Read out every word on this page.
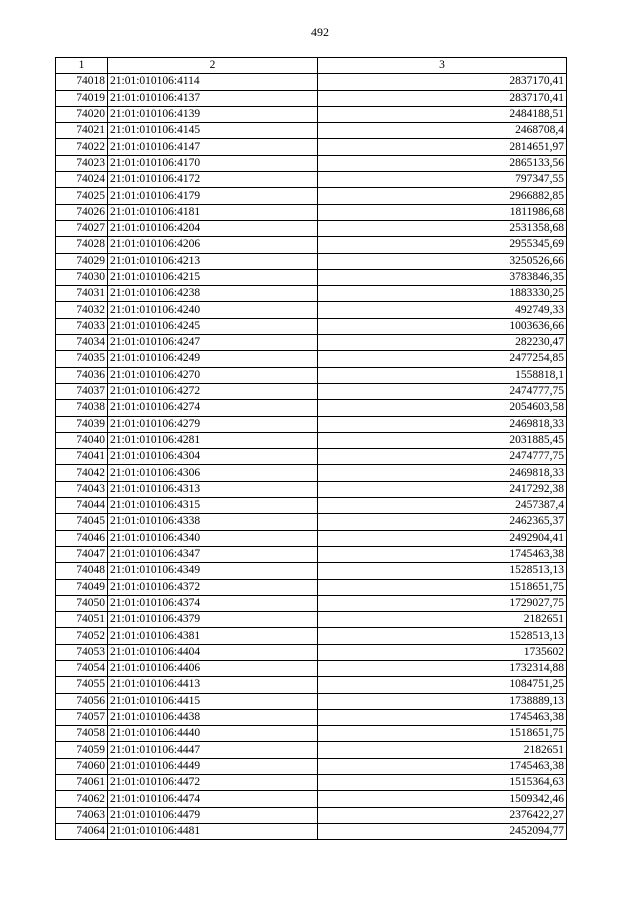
492
1	2	3
74018	21:01:010106:4114	2837170,41
74019	21:01:010106:4137	2837170,41
74020	21:01:010106:4139	2484188,51
74021	21:01:010106:4145	2468708,4
74022	21:01:010106:4147	2814651,97
74023	21:01:010106:4170	2865133,56
74024	21:01:010106:4172	797347,55
74025	21:01:010106:4179	2966882,85
74026	21:01:010106:4181	1811986,68
74027	21:01:010106:4204	2531358,68
74028	21:01:010106:4206	2955345,69
74029	21:01:010106:4213	3250526,66
74030	21:01:010106:4215	3783846,35
74031	21:01:010106:4238	1883330,25
74032	21:01:010106:4240	492749,33
74033	21:01:010106:4245	1003636,66
74034	21:01:010106:4247	282230,47
74035	21:01:010106:4249	2477254,85
74036	21:01:010106:4270	1558818,1
74037	21:01:010106:4272	2474777,75
74038	21:01:010106:4274	2054603,58
74039	21:01:010106:4279	2469818,33
74040	21:01:010106:4281	2031885,45
74041	21:01:010106:4304	2474777,75
74042	21:01:010106:4306	2469818,33
74043	21:01:010106:4313	2417292,38
74044	21:01:010106:4315	2457387,4
74045	21:01:010106:4338	2462365,37
74046	21:01:010106:4340	2492904,41
74047	21:01:010106:4347	1745463,38
74048	21:01:010106:4349	1528513,13
74049	21:01:010106:4372	1518651,75
74050	21:01:010106:4374	1729027,75
74051	21:01:010106:4379	2182651
74052	21:01:010106:4381	1528513,13
74053	21:01:010106:4404	1735602
74054	21:01:010106:4406	1732314,88
74055	21:01:010106:4413	1084751,25
74056	21:01:010106:4415	1738889,13
74057	21:01:010106:4438	1745463,38
74058	21:01:010106:4440	1518651,75
74059	21:01:010106:4447	2182651
74060	21:01:010106:4449	1745463,38
74061	21:01:010106:4472	1515364,63
74062	21:01:010106:4474	1509342,46
74063	21:01:010106:4479	2376422,27
74064	21:01:010106:4481	2452094,77
